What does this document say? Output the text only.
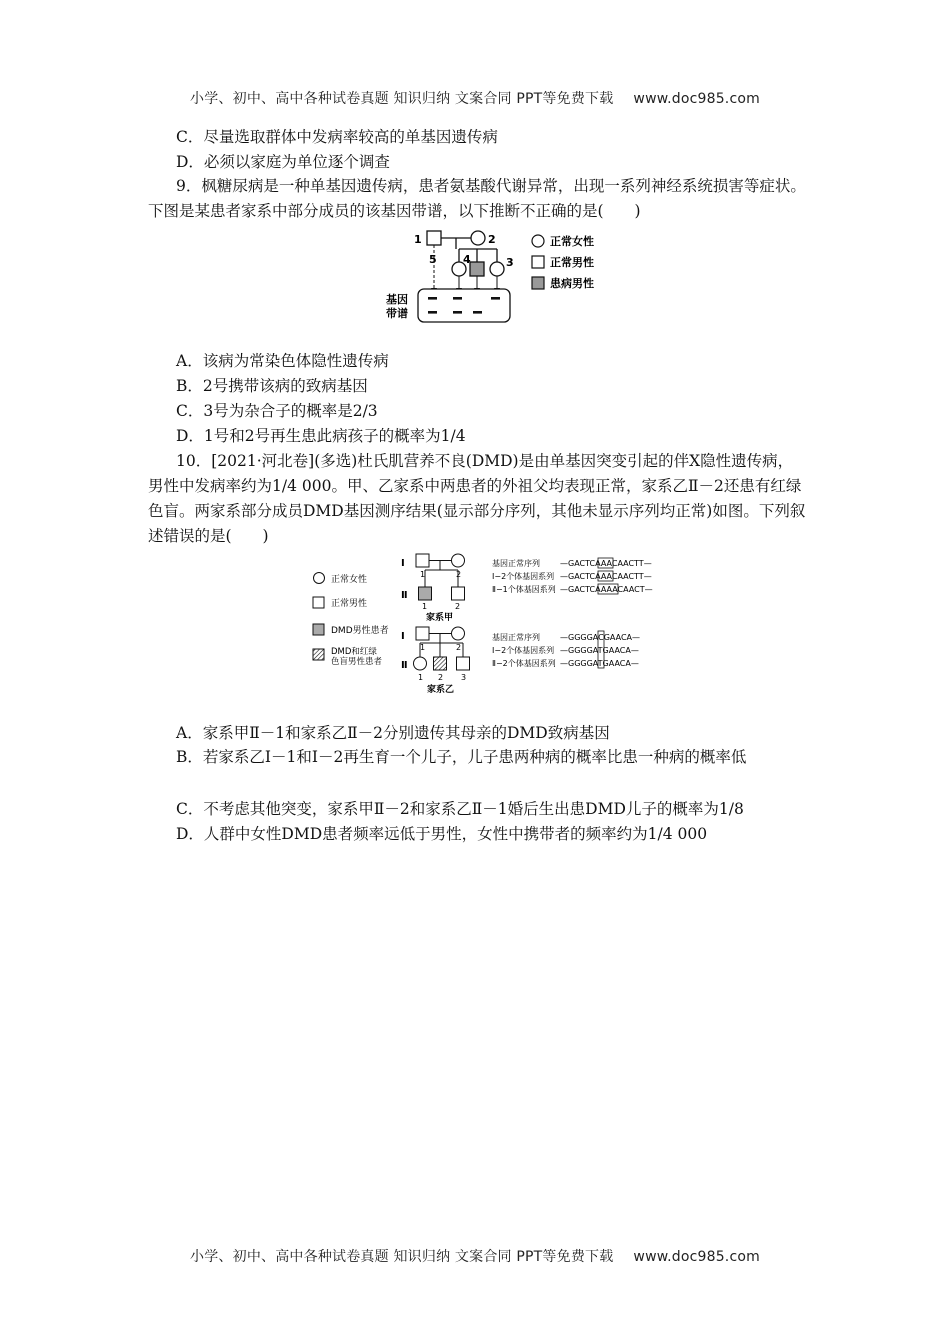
小学、初中、高中各种试卷真题 知识归纳 文案合同 PPT等免费下载 www.doc985.com
C．尽量选取群体中发病率较高的单基因遗传病
D．必须以家庭为单位逐个调查
9．枫糖尿病是一种单基因遗传病，患者氨基酸代谢异常，出现一系列神经系统损害等症状。下图是某患者家系中部分成员的该基因带谱，以下推断不正确的是(　　)
1	2
5 4	3
基因
带谱
正常女性
正常男性
患病男性
A．该病为常染色体隐性遗传病
B．2号携带该病的致病基因
C．3号为杂合子的概率是2/3
D．1号和2号再生患此病孩子的概率为1/4
10．[2021·河北卷](多选)杜氏肌营养不良(DMD)是由单基因突变引起的伴X隐性遗传病，男性中发病率约为1/4 000。甲、乙家系中两患者的外祖父均表现正常，家系乙Ⅱ－2还患有红绿色盲。两家系部分成员DMD基因测序结果(显示部分序列，其他未显示序列均正常)如图。下列叙述错误的是(　　)
正常女性
正常男性
DMD男性患者
DMD和红绿
色盲男性患者
Ⅰ
1	2
Ⅱ
1	2
家系甲
基因正常序列	—GACTCAAACAACTT—
Ⅰ−2个体基因系列 —GACTCAAACAACTT—
Ⅱ−1个体基因系列 —GACTCAAAACAACT—
Ⅰ
1	2
Ⅱ
1 2 3
家系乙
基因正常序列	—GGGGACGAACA—
Ⅰ−2个体基因系列 —GGGGATGAACA—
Ⅱ−2个体基因系列 —GGGGATGAACA—
A．家系甲Ⅱ－1和家系乙Ⅱ－2分别遗传其母亲的DMD致病基因
B．若家系乙Ⅰ－1和Ⅰ－2再生育一个儿子，儿子患两种病的概率比患一种病的概率低
C．不考虑其他突变，家系甲Ⅱ－2和家系乙Ⅱ－1婚后生出患DMD儿子的概率为1/8
D．人群中女性DMD患者频率远低于男性，女性中携带者的频率约为1/4 000
小学、初中、高中各种试卷真题 知识归纳 文案合同 PPT等免费下载 www.doc985.com
